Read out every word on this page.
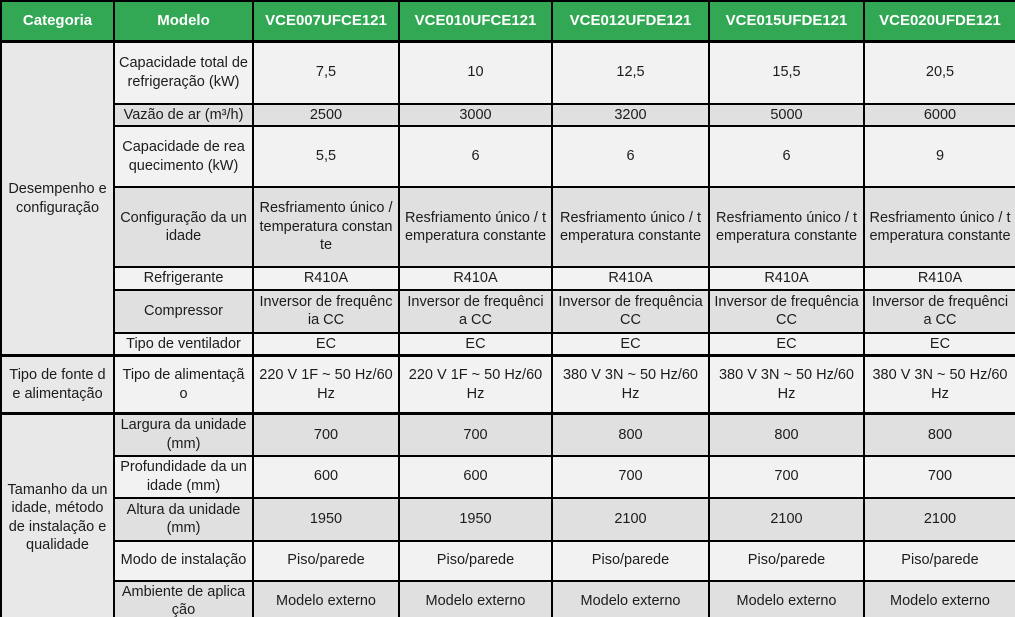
Categoria	Modelo	VCE007UFCE121	VCE010UFCE121	VCE012UFDE121	VCE015UFDE121	VCE020UFDE121
Desempenho e configuração	Capacidade total de refrigeração (kW)	7,5	10	12,5	15,5	20,5
	Vazão de ar (m³/h)	2500	3000	3200	5000	6000
	Capacidade de reaquecimento (kW)	5,5	6	6	6	9
	Configuração da unidade	Resfriamento único / temperatura constante	Resfriamento único / temperatura constante	Resfriamento único / temperatura constante	Resfriamento único / temperatura constante	Resfriamento único / temperatura constante
	Refrigerante	R410A	R410A	R410A	R410A	R410A
	Compressor	Inversor de frequência CC	Inversor de frequência CC	Inversor de frequência CC	Inversor de frequência CC	Inversor de frequência CC
	Tipo de ventilador	EC	EC	EC	EC	EC
Tipo de fonte de alimentação	Tipo de alimentação	220 V 1F ~ 50 Hz/60 Hz	220 V 1F ~ 50 Hz/60 Hz	380 V 3N ~ 50 Hz/60 Hz	380 V 3N ~ 50 Hz/60 Hz	380 V 3N ~ 50 Hz/60 Hz
Tamanho da unidade, método de instalação e qualidade	Largura da unidade (mm)	700	700	800	800	800
	Profundidade da unidade (mm)	600	600	700	700	700
	Altura da unidade (mm)	1950	1950	2100	2100	2100
	Modo de instalação	Piso/parede	Piso/parede	Piso/parede	Piso/parede	Piso/parede
	Ambiente de aplicação	Modelo externo	Modelo externo	Modelo externo	Modelo externo	Modelo externo
